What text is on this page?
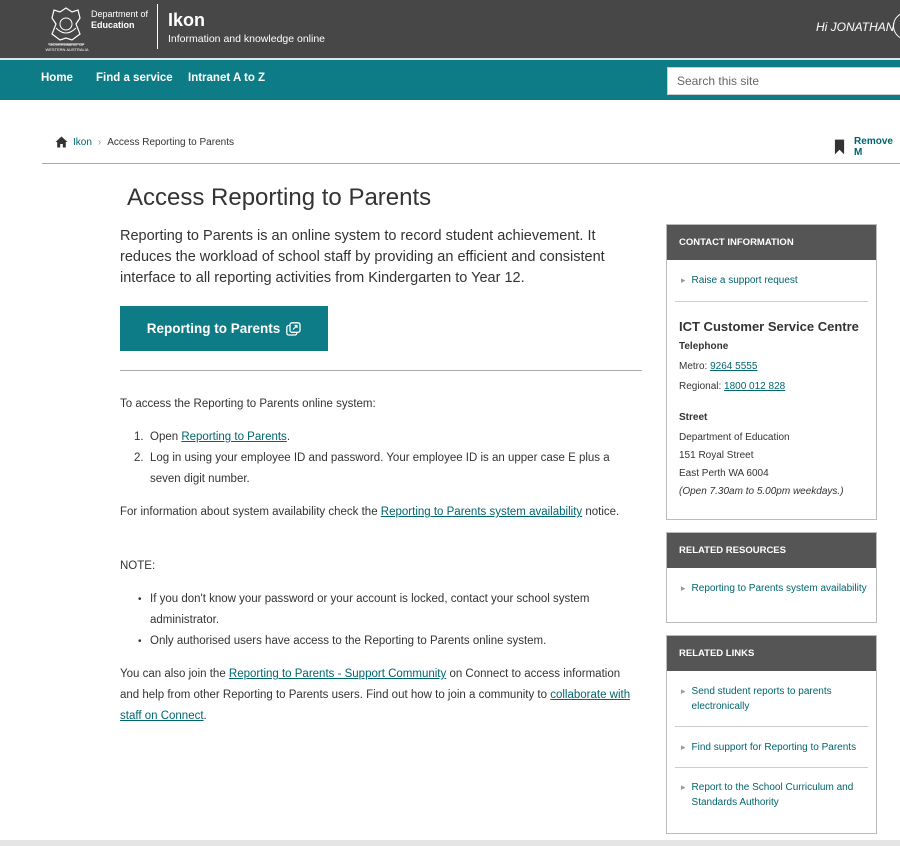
GOVERNMENT OF WESTERN AUSTRALIA
Department of
Education	Ikon
Information and knowledge online
Hi JONATHAN
Home Find a service Intranet A to Z
Search this site
Ikon › Access Reporting to Parents	Remove M
Access Reporting to Parents

Reporting to Parents is an online system to record student achievement. It reduces the workload of school staff by providing an efficient and consistent interface to all reporting activities from Kindergarten to Year 12.

Reporting to Parents

To access the Reporting to Parents online system:

1. Open Reporting to Parents.
2. Log in using your employee ID and password. Your employee ID is an upper case E plus a seven digit number.

For information about system availability check the Reporting to Parents system availability notice.

NOTE:

• If you don't know your password or your account is locked, contact your school system administrator.
• Only authorised users have access to the Reporting to Parents online system.

You can also join the Reporting to Parents - Support Community on Connect to access information and help from other Reporting to Parents users. Find out how to join a community to collaborate with staff on Connect.

CONTACT INFORMATION
▸ Raise a support request
ICT Customer Service Centre
Telephone
Metro: 9264 5555
Regional: 1800 012 828
Street
Department of Education
151 Royal Street
East Perth WA 6004
(Open 7.30am to 5.00pm weekdays.)
RELATED RESOURCES
▸ Reporting to Parents system availability
RELATED LINKS
▸ Send student reports to parents electronically
▸ Find support for Reporting to Parents
▸ Report to the School Curriculum and Standards Authority
